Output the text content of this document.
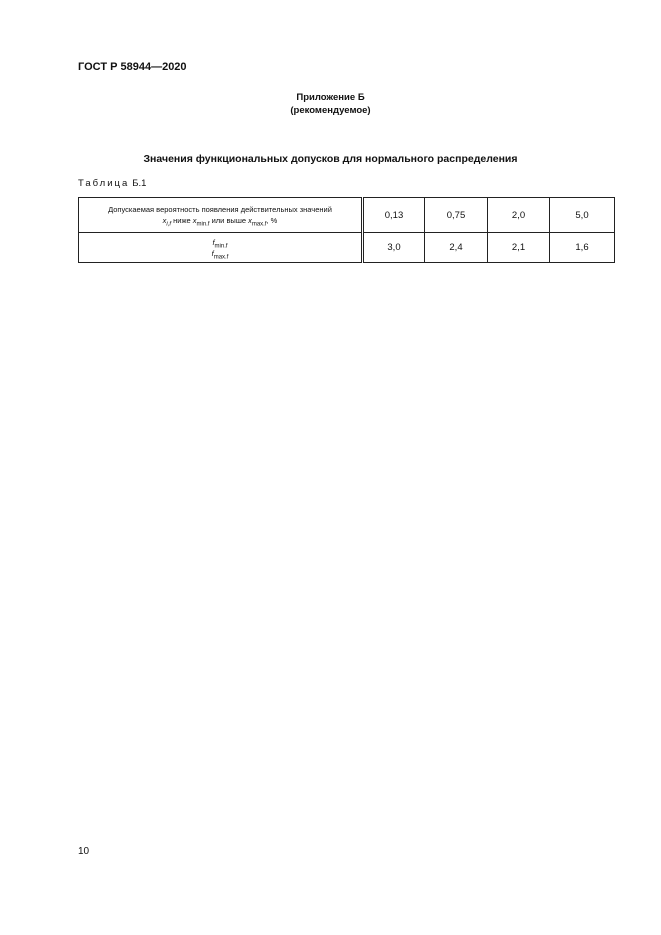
ГОСТ Р 58944—2020
Приложение Б
(рекомендуемое)
Значения функциональных допусков для нормального распределения
Таблица Б.1
Допускаемая вероятность появления действительных значений
$x_{i,f}$ ниже $x_{min.f}$ или выше $x_{max.f}$, %	0,13	0,75	2,0	5,0

$f_{min.f}$
$f_{max.f}$	3,0	2,4	2,1	1,6
10
